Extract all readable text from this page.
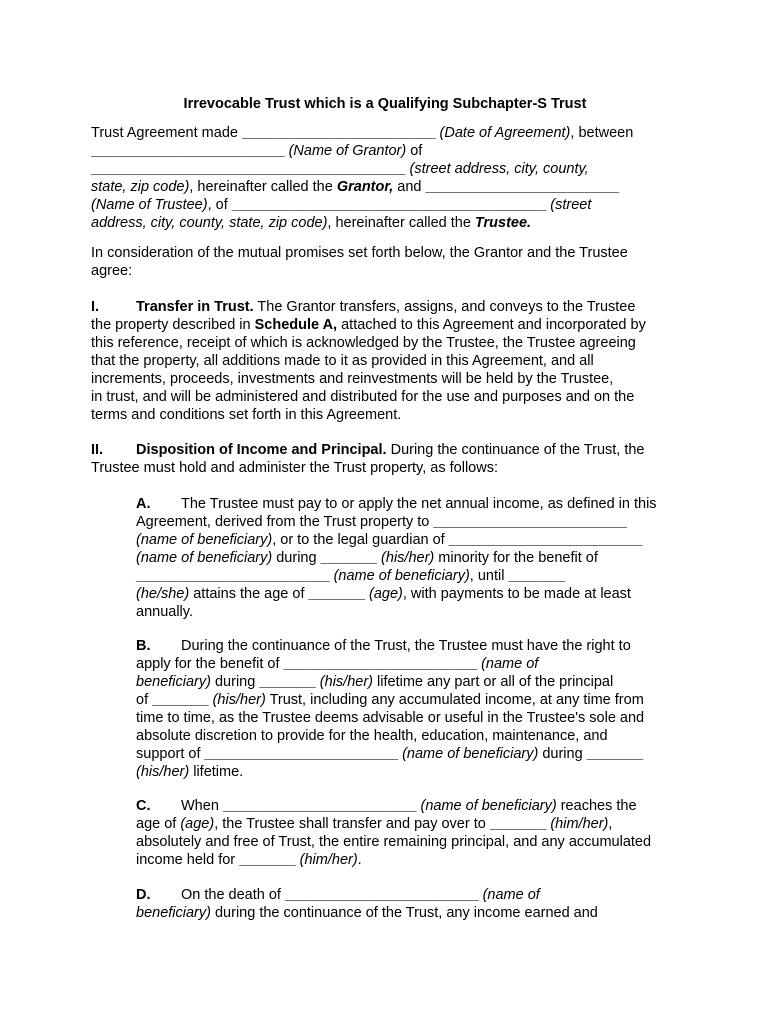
Irrevocable Trust which is a Qualifying Subchapter-S Trust
Trust Agreement made ________________________ (Date of Agreement), between
________________________ (Name of Grantor) of
_______________________________________ (street address, city, county,
state, zip code), hereinafter called the Grantor, and ________________________
(Name of Trustee), of _______________________________________ (street
address, city, county, state, zip code), hereinafter called the Trustee.
In consideration of the mutual promises set forth below, the Grantor and the Trustee
agree:
I.	Transfer in Trust. The Grantor transfers, assigns, and conveys to the Trustee
the property described in Schedule A, attached to this Agreement and incorporated by
this reference, receipt of which is acknowledged by the Trustee, the Trustee agreeing
that the property, all additions made to it as provided in this Agreement, and all
increments, proceeds, investments and reinvestments will be held by the Trustee,
in trust, and will be administered and distributed for the use and purposes and on the
terms and conditions set forth in this Agreement.
II. Disposition of Income and Principal. During the continuance of the Trust, the
Trustee must hold and administer the Trust property, as follows:
A. The Trustee must pay to or apply the net annual income, as defined in this
Agreement, derived from the Trust property to ________________________
(name of beneficiary), or to the legal guardian of ________________________
(name of beneficiary) during _______ (his/her) minority for the benefit of
________________________ (name of beneficiary), until _______
(he/she) attains the age of _______ (age), with payments to be made at least
annually.
B. During the continuance of the Trust, the Trustee must have the right to
apply for the benefit of ________________________ (name of
beneficiary) during _______ (his/her) lifetime any part or all of the principal
of _______ (his/her) Trust, including any accumulated income, at any time from
time to time, as the Trustee deems advisable or useful in the Trustee's sole and
absolute discretion to provide for the health, education, maintenance, and
support of ________________________ (name of beneficiary) during _______
(his/her) lifetime.
C. When ________________________ (name of beneficiary) reaches the
age of (age), the Trustee shall transfer and pay over to _______ (him/her),
absolutely and free of Trust, the entire remaining principal, and any accumulated
income held for _______ (him/her).
D. On the death of ________________________ (name of
beneficiary) during the continuance of the Trust, any income earned and
